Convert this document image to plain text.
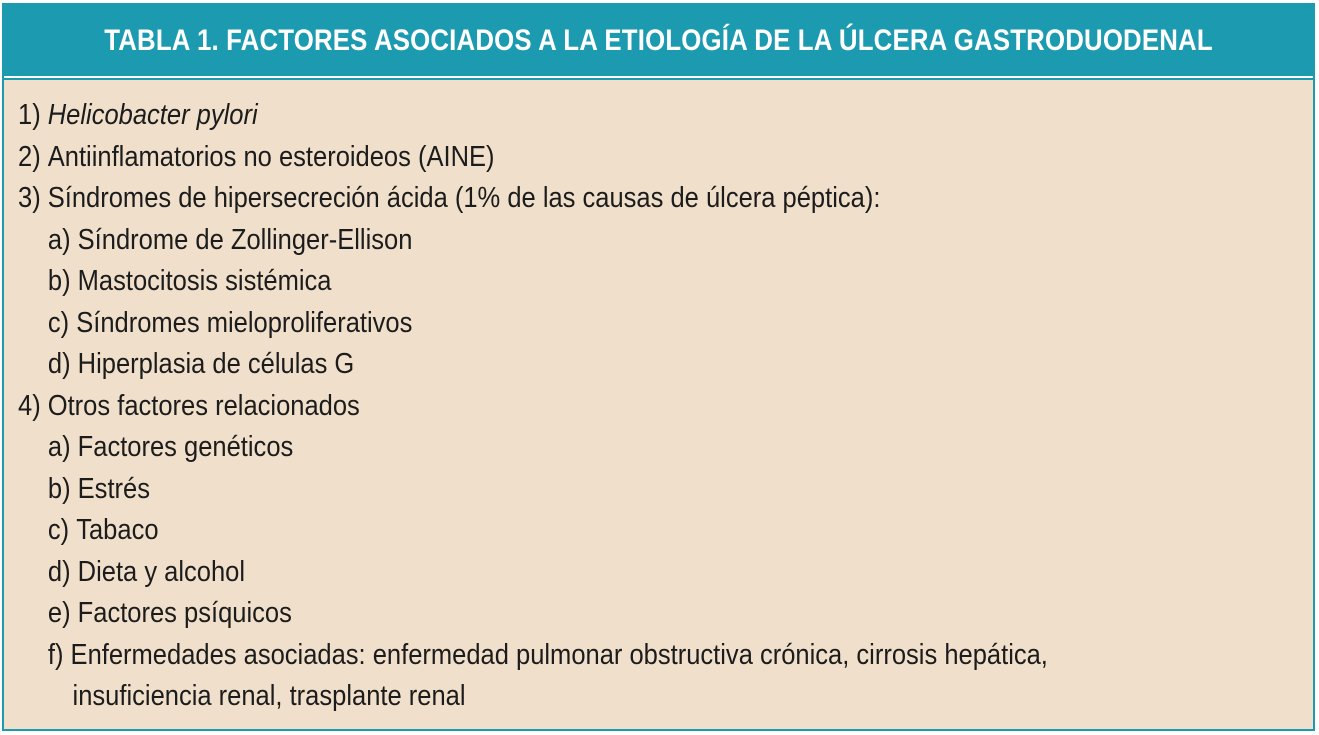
TABLA 1. FACTORES ASOCIADOS A LA ETIOLOGÍA DE LA ÚLCERA GASTRODUODENAL
1) Helicobacter pylori
2) Antiinflamatorios no esteroideos (AINE)
3) Síndromes de hipersecreción ácida (1% de las causas de úlcera péptica):
a) Síndrome de Zollinger-Ellison
b) Mastocitosis sistémica
c) Síndromes mieloproliferativos
d) Hiperplasia de células G
4) Otros factores relacionados
a) Factores genéticos
b) Estrés
c) Tabaco
d) Dieta y alcohol
e) Factores psíquicos
f) Enfermedades asociadas: enfermedad pulmonar obstructiva crónica, cirrosis hepática,
insuficiencia renal, trasplante renal
